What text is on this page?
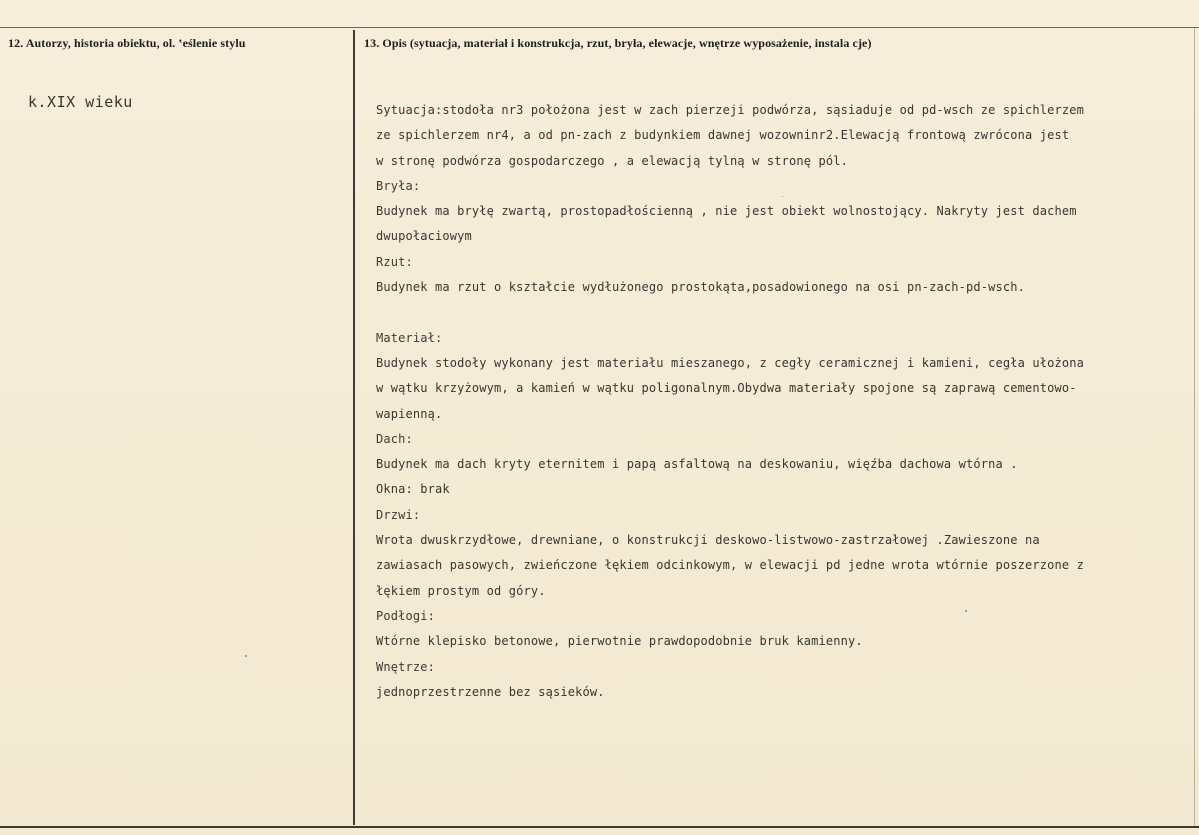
12. Autorzy, historia obiektu, ol. ‛eślenie stylu	13. Opis (sytuacja, materiał i konstrukcja, rzut, bryła, elewacje, wnętrze wyposażenie, instala cje)
k.XIX wieku	Sytuacja:stodoła nr3 położona jest w zach pierzeji podwórza, sąsiaduje od pd-wsch ze spichlerzem
ze spichlerzem nr4, a od pn-zach z budynkiem dawnej wozowninr2.Elewacją frontową zwrócona jest
w stronę podwórza gospodarczego , a elewacją tylną w stronę pól.
Bryła:
Budynek ma bryłę zwartą, prostopadłościenną , nie jest obiekt wolnostojący. Nakryty jest dachem
dwupołaciowym
Rzut:
Budynek ma rzut o kształcie wydłużonego prostokąta,posadowionego na osi pn-zach-pd-wsch.
Materiał:
Budynek stodoły wykonany jest materiału mieszanego, z cegły ceramicznej i kamieni, cegła ułożona
w wątku krzyżowym, a kamień w wątku poligonalnym.Obydwa materiały spojone są zaprawą cementowo-
wapienną.
Dach:
Budynek ma dach kryty eternitem i papą asfaltową na deskowaniu, więźba dachowa wtórna .
Okna: brak
Drzwi:
Wrota dwuskrzydłowe, drewniane, o konstrukcji deskowo-listwowo-zastrzałowej .Zawieszone na
zawiasach pasowych, zwieńczone łękiem odcinkowym, w elewacji pd jedne wrota wtórnie poszerzone z
łękiem prostym od góry.
Podłogi:
Wtórne klepisko betonowe, pierwotnie prawdopodobnie bruk kamienny.
Wnętrze:
jednoprzestrzenne bez sąsieków.
